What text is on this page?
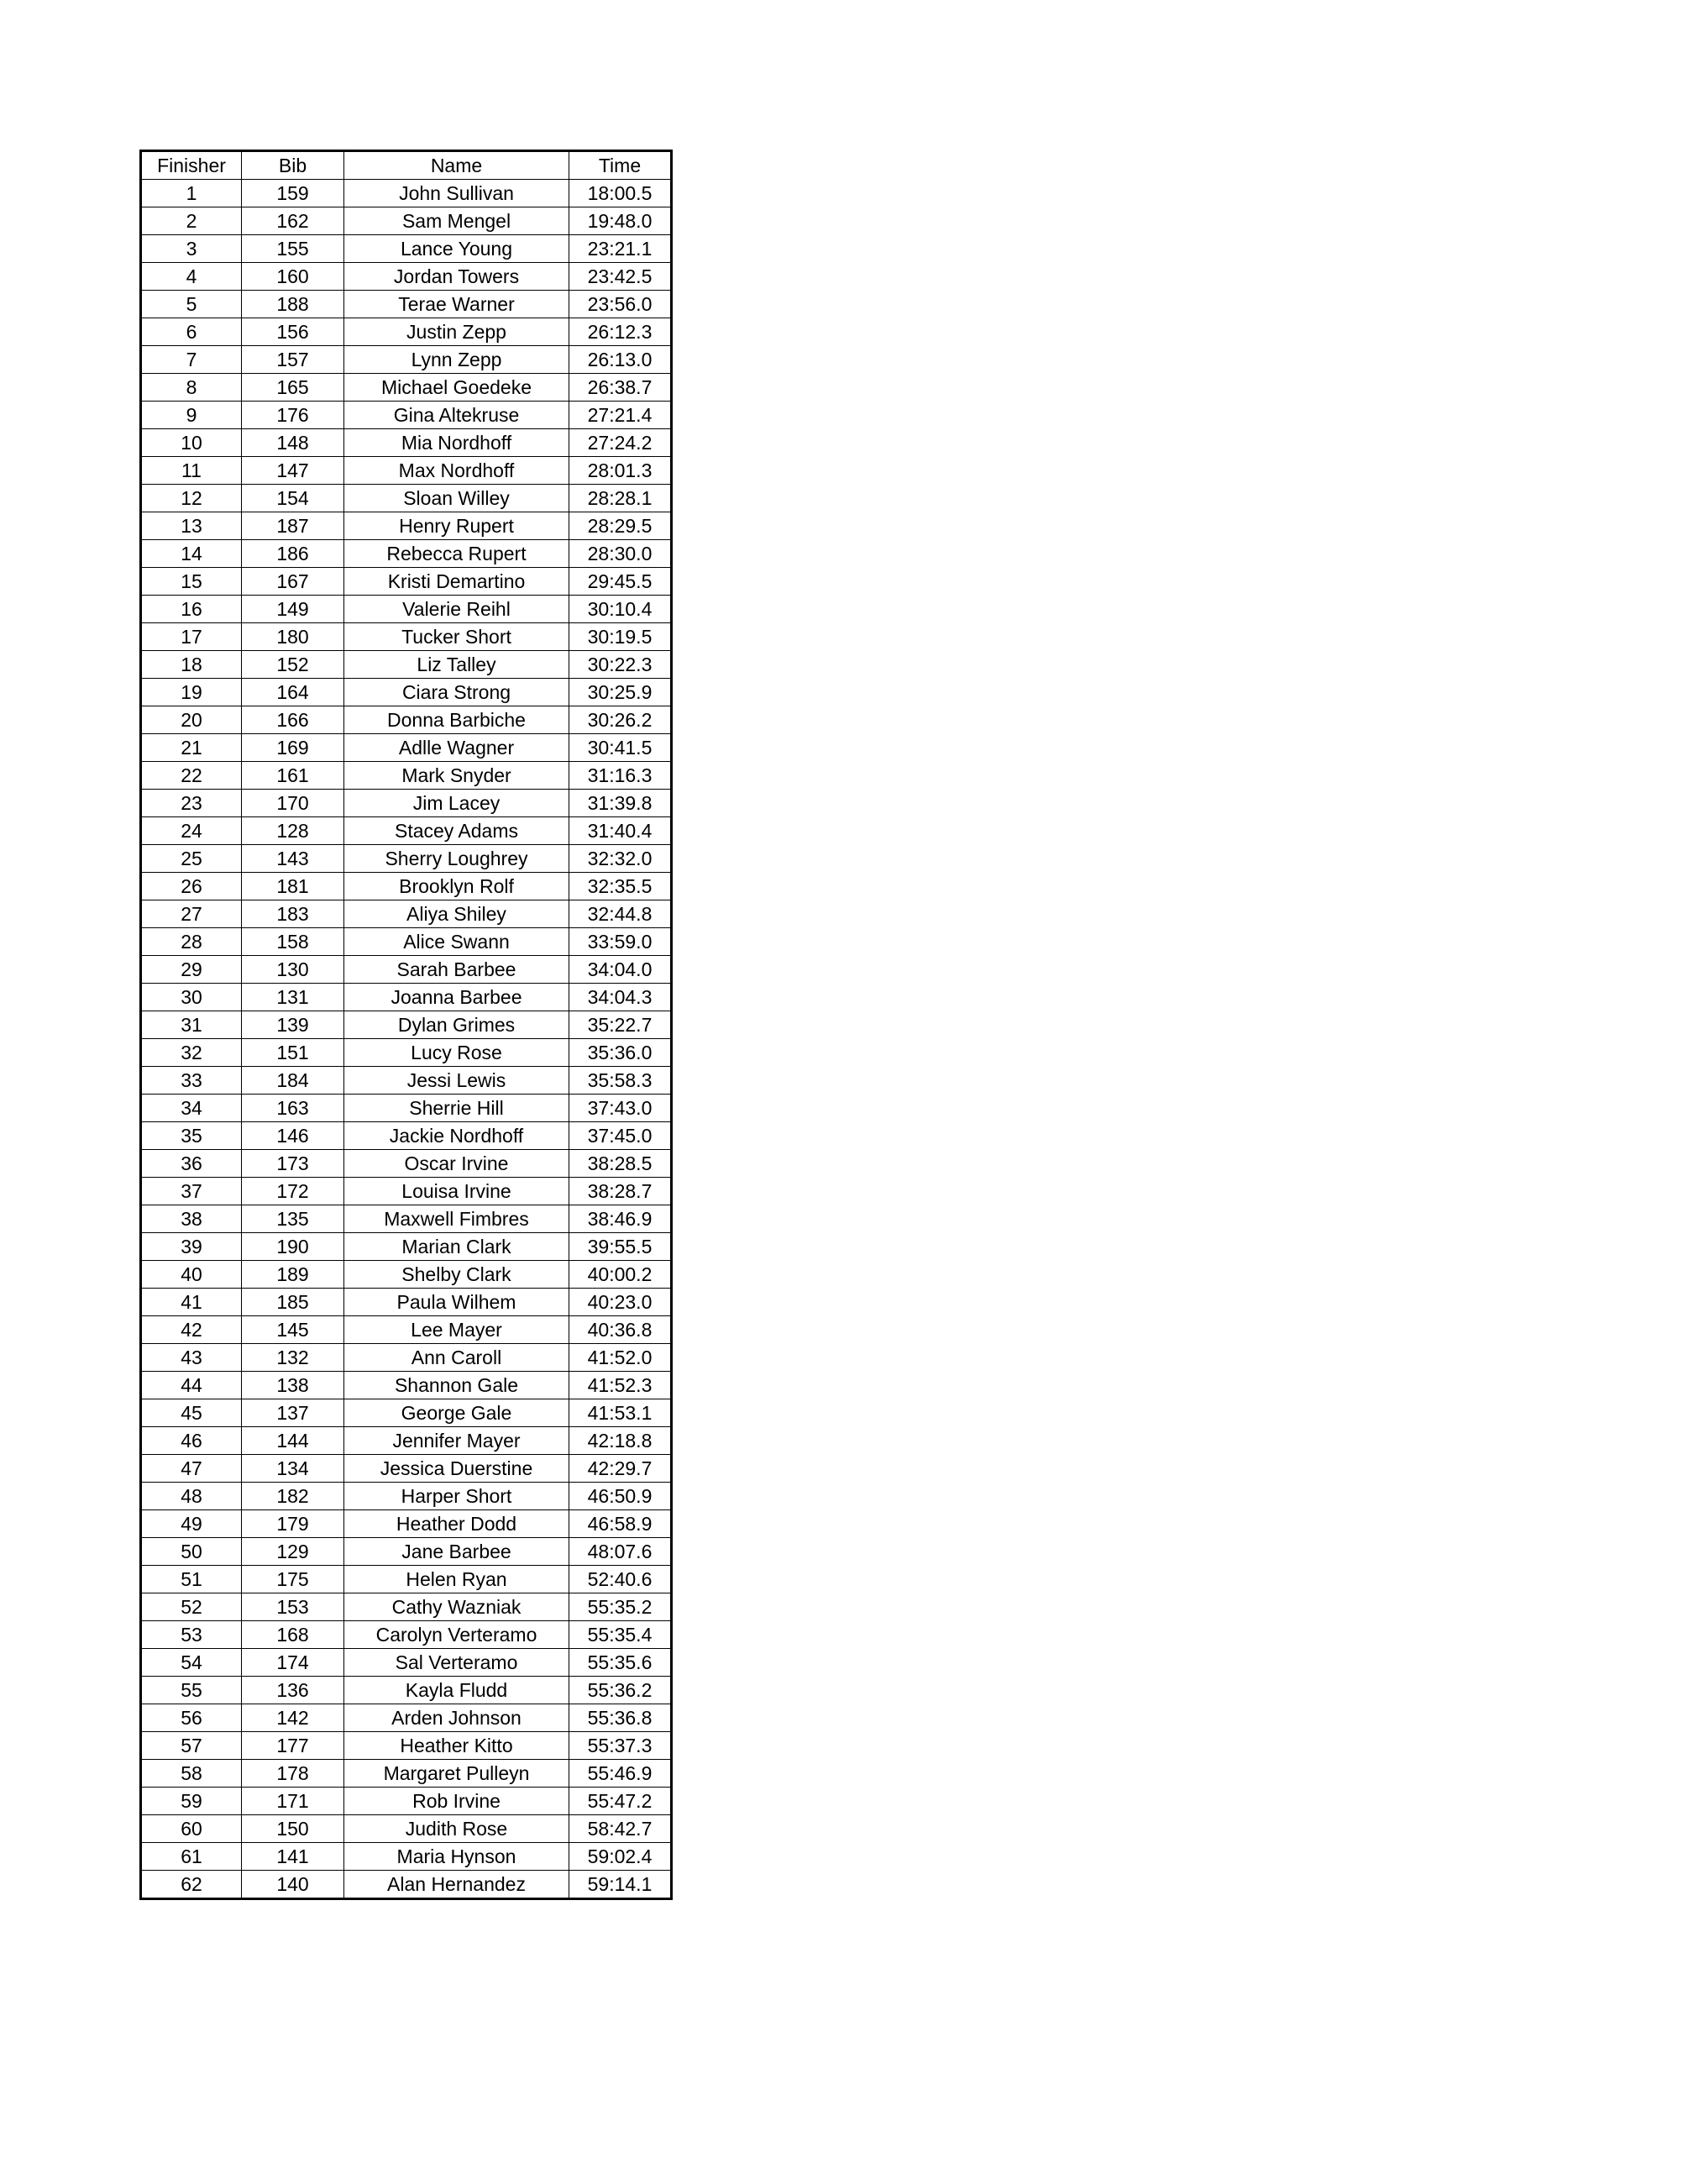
Finisher	Bib	Name	Time
1	159	John Sullivan	18:00.5
2	162	Sam Mengel	19:48.0
3	155	Lance Young	23:21.1
4	160	Jordan Towers	23:42.5
5	188	Terae Warner	23:56.0
6	156	Justin Zepp	26:12.3
7	157	Lynn Zepp	26:13.0
8	165	Michael Goedeke	26:38.7
9	176	Gina Altekruse	27:21.4
10	148	Mia Nordhoff	27:24.2
11	147	Max Nordhoff	28:01.3
12	154	Sloan Willey	28:28.1
13	187	Henry Rupert	28:29.5
14	186	Rebecca Rupert	28:30.0
15	167	Kristi Demartino	29:45.5
16	149	Valerie Reihl	30:10.4
17	180	Tucker Short	30:19.5
18	152	Liz Talley	30:22.3
19	164	Ciara Strong	30:25.9
20	166	Donna Barbiche	30:26.2
21	169	Adlle Wagner	30:41.5
22	161	Mark Snyder	31:16.3
23	170	Jim Lacey	31:39.8
24	128	Stacey Adams	31:40.4
25	143	Sherry Loughrey	32:32.0
26	181	Brooklyn Rolf	32:35.5
27	183	Aliya Shiley	32:44.8
28	158	Alice Swann	33:59.0
29	130	Sarah Barbee	34:04.0
30	131	Joanna Barbee	34:04.3
31	139	Dylan Grimes	35:22.7
32	151	Lucy Rose	35:36.0
33	184	Jessi Lewis	35:58.3
34	163	Sherrie Hill	37:43.0
35	146	Jackie Nordhoff	37:45.0
36	173	Oscar Irvine	38:28.5
37	172	Louisa Irvine	38:28.7
38	135	Maxwell Fimbres	38:46.9
39	190	Marian Clark	39:55.5
40	189	Shelby Clark	40:00.2
41	185	Paula Wilhem	40:23.0
42	145	Lee Mayer	40:36.8
43	132	Ann Caroll	41:52.0
44	138	Shannon Gale	41:52.3
45	137	George Gale	41:53.1
46	144	Jennifer Mayer	42:18.8
47	134	Jessica Duerstine	42:29.7
48	182	Harper Short	46:50.9
49	179	Heather Dodd	46:58.9
50	129	Jane Barbee	48:07.6
51	175	Helen Ryan	52:40.6
52	153	Cathy Wazniak	55:35.2
53	168	Carolyn Verteramo	55:35.4
54	174	Sal Verteramo	55:35.6
55	136	Kayla Fludd	55:36.2
56	142	Arden Johnson	55:36.8
57	177	Heather Kitto	55:37.3
58	178	Margaret Pulleyn	55:46.9
59	171	Rob Irvine	55:47.2
60	150	Judith Rose	58:42.7
61	141	Maria Hynson	59:02.4
62	140	Alan Hernandez	59:14.1
